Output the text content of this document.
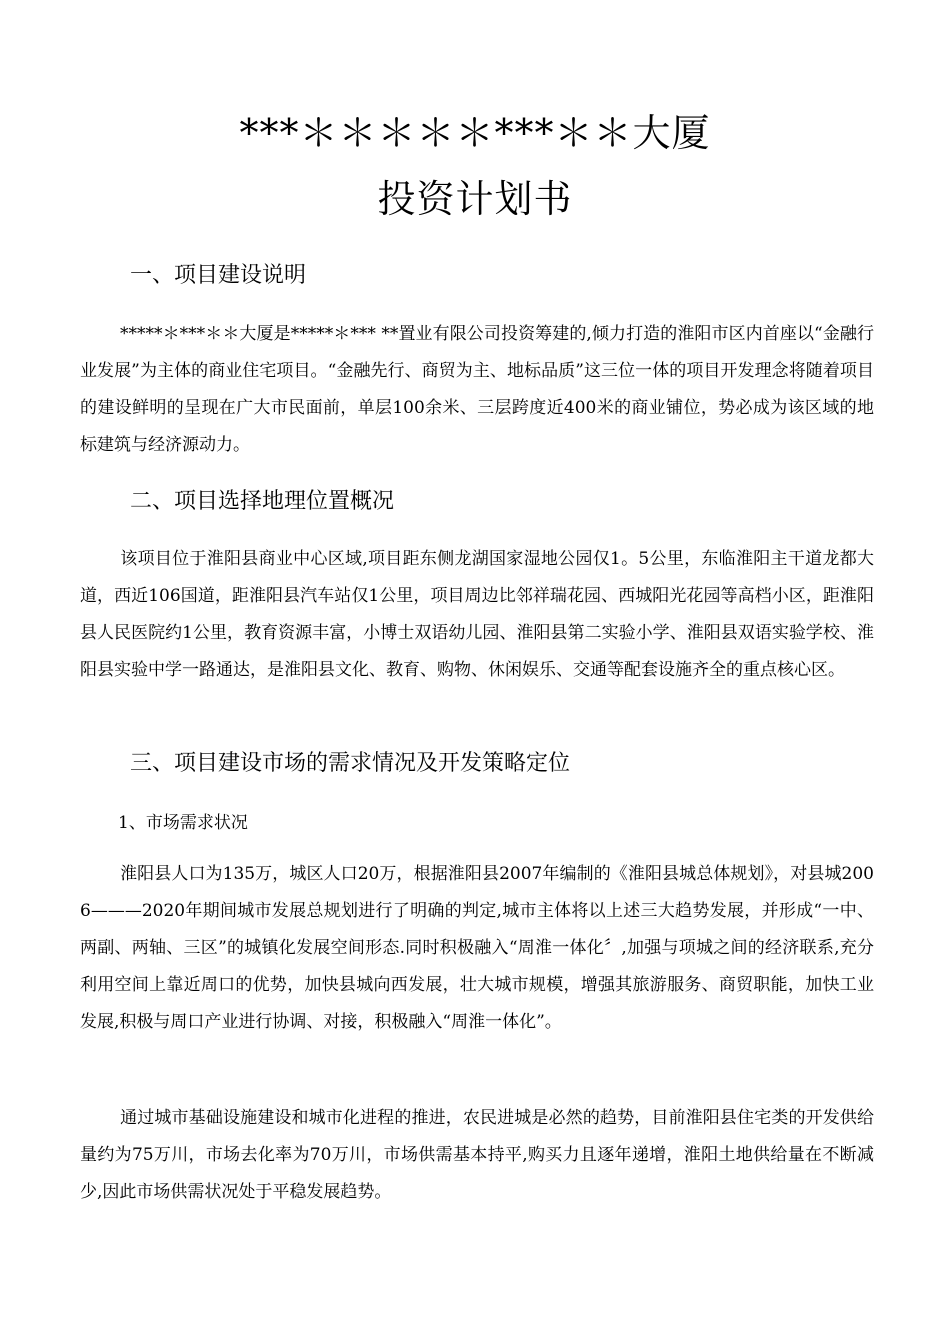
***＊＊＊＊＊***＊＊大厦
投资计划书
一、项目建设说明
*****＊***＊＊大厦是*****＊*** **置业有限公司投资筹建的,倾力打造的淮阳市区内首座以“金融行业发展”为主体的商业住宅项目。“金融先行、商贸为主、地标品质”这三位一体的项目开发理念将随着项目的建设鲜明的呈现在广大市民面前，单层100余米、三层跨度近400米的商业铺位，势必成为该区域的地标建筑与经济源动力。
二、项目选择地理位置概况
该项目位于淮阳县商业中心区域,项目距东侧龙湖国家湿地公园仅1。5公里，东临淮阳主干道龙都大道，西近106国道，距淮阳县汽车站仅1公里，项目周边比邻祥瑞花园、西城阳光花园等高档小区，距淮阳县人民医院约1公里，教育资源丰富，小博士双语幼儿园、淮阳县第二实验小学、淮阳县双语实验学校、淮阳县实验中学一路通达，是淮阳县文化、教育、购物、休闲娱乐、交通等配套设施齐全的重点核心区。
三、项目建设市场的需求情况及开发策略定位
1、市场需求状况
淮阳县人口为135万，城区人口20万，根据淮阳县2007年编制的《淮阳县城总体规划》，对县城2006———2020年期间城市发展总规划进行了明确的判定,城市主体将以上述三大趋势发展，并形成“一中、两副、两轴、三区”的城镇化发展空间形态.同时积极融入“周淮一体化〞,加强与项城之间的经济联系,充分利用空间上靠近周口的优势，加快县城向西发展，壮大城市规模，增强其旅游服务、商贸职能，加快工业发展,积极与周口产业进行协调、对接，积极融入“周淮一体化”。
通过城市基础设施建设和城市化进程的推进，农民进城是必然的趋势，目前淮阳县住宅类的开发供给量约为75万川，市场去化率为70万川，市场供需基本持平,购买力且逐年递增，淮阳土地供给量在不断减少,因此市场供需状况处于平稳发展趋势。
